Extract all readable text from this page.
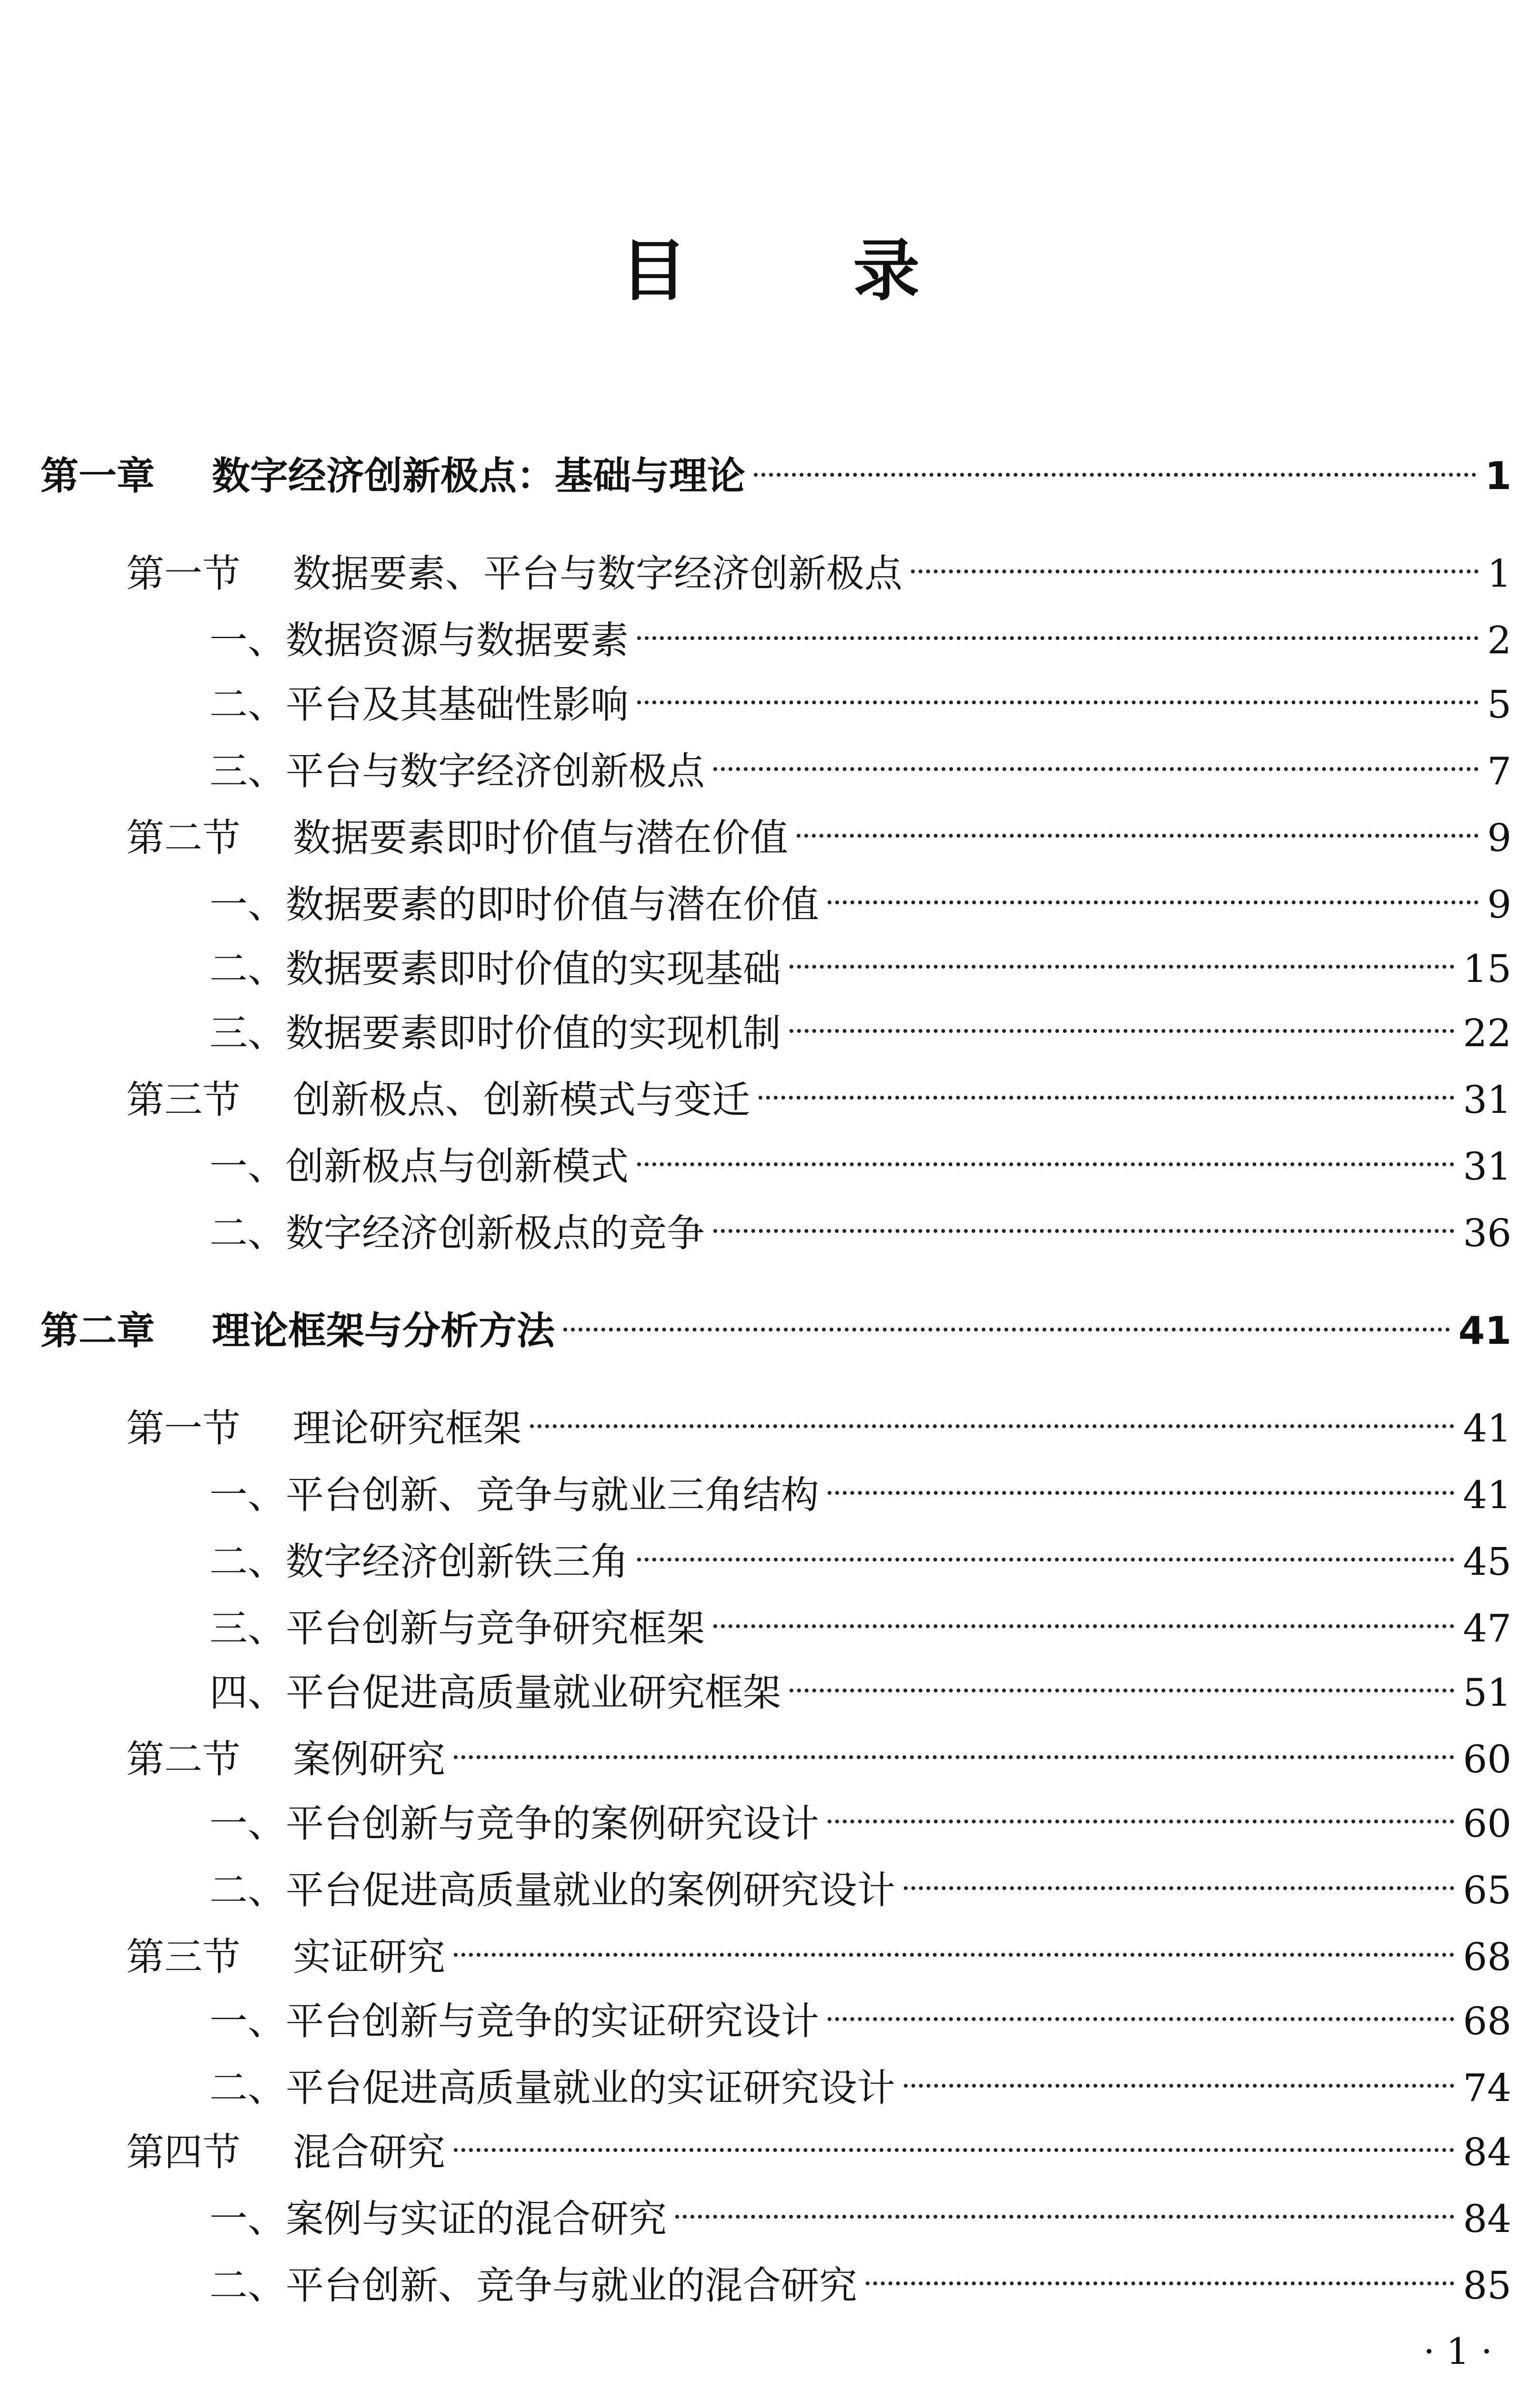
目 录
第一章	数字经济创新极点：基础与理论	1
第一节	数据要素、平台与数字经济创新极点	1
一、数据资源与数据要素	2
二、平台及其基础性影响	5
三、平台与数字经济创新极点	7
第二节	数据要素即时价值与潜在价值	9
一、数据要素的即时价值与潜在价值	9
二、数据要素即时价值的实现基础	15
三、数据要素即时价值的实现机制	22
第三节	创新极点、创新模式与变迁	31
一、创新极点与创新模式	31
二、数字经济创新极点的竞争	36
第二章	理论框架与分析方法	41
第一节	理论研究框架	41
一、平台创新、竞争与就业三角结构	41
二、数字经济创新铁三角	45
三、平台创新与竞争研究框架	47
四、平台促进高质量就业研究框架	51
第二节	案例研究	60
一、平台创新与竞争的案例研究设计	60
二、平台促进高质量就业的案例研究设计	65
第三节	实证研究	68
一、平台创新与竞争的实证研究设计	68
二、平台促进高质量就业的实证研究设计	74
第四节	混合研究	84
一、案例与实证的混合研究	84
二、平台创新、竞争与就业的混合研究	85
· 1 ·
